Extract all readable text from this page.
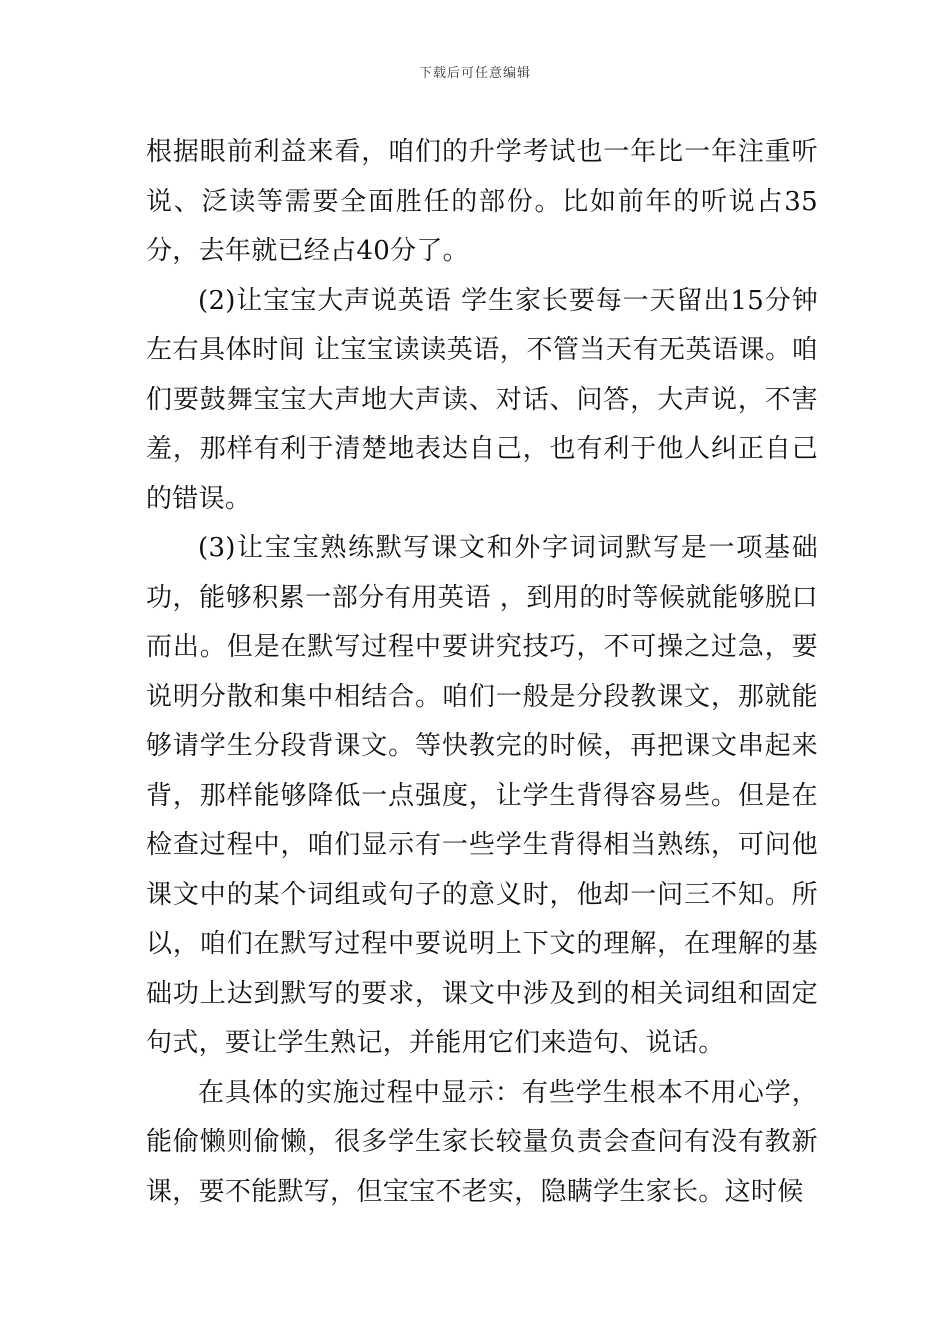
下载后可任意编辑

根据眼前利益来看，咱们的升学考试也一年比一年注重听说、泛读等需要全面胜任的部份。比如前年的听说占35分，去年就已经占40分了。

(2)让宝宝大声说英语 学生家长要每一天留出15分钟左右具体时间 让宝宝读读英语，不管当天有无英语课。咱们要鼓舞宝宝大声地大声读、对话、问答，大声说，不害羞，那样有利于清楚地表达自己，也有利于他人纠正自己的错误。

(3)让宝宝熟练默写课文和外字词词默写是一项基础功，能够积累一部分有用英语 ，到用的时等候就能够脱口而出。但是在默写过程中要讲究技巧，不可操之过急，要说明分散和集中相结合。咱们一般是分段教课文，那就能够请学生分段背课文。等快教完的时候，再把课文串起来背，那样能够降低一点强度，让学生背得容易些。但是在检查过程中，咱们显示有一些学生背得相当熟练，可问他课文中的某个词组或句子的意义时，他却一问三不知。所以，咱们在默写过程中要说明上下文的理解，在理解的基础功上达到默写的要求，课文中涉及到的相关词组和固定句式，要让学生熟记，并能用它们来造句、说话。

在具体的实施过程中显示：有些学生根本不用心学，能偷懒则偷懒，很多学生家长较量负责会查问有没有教新课，要不能默写，但宝宝不老实，隐瞒学生家长。这时候
